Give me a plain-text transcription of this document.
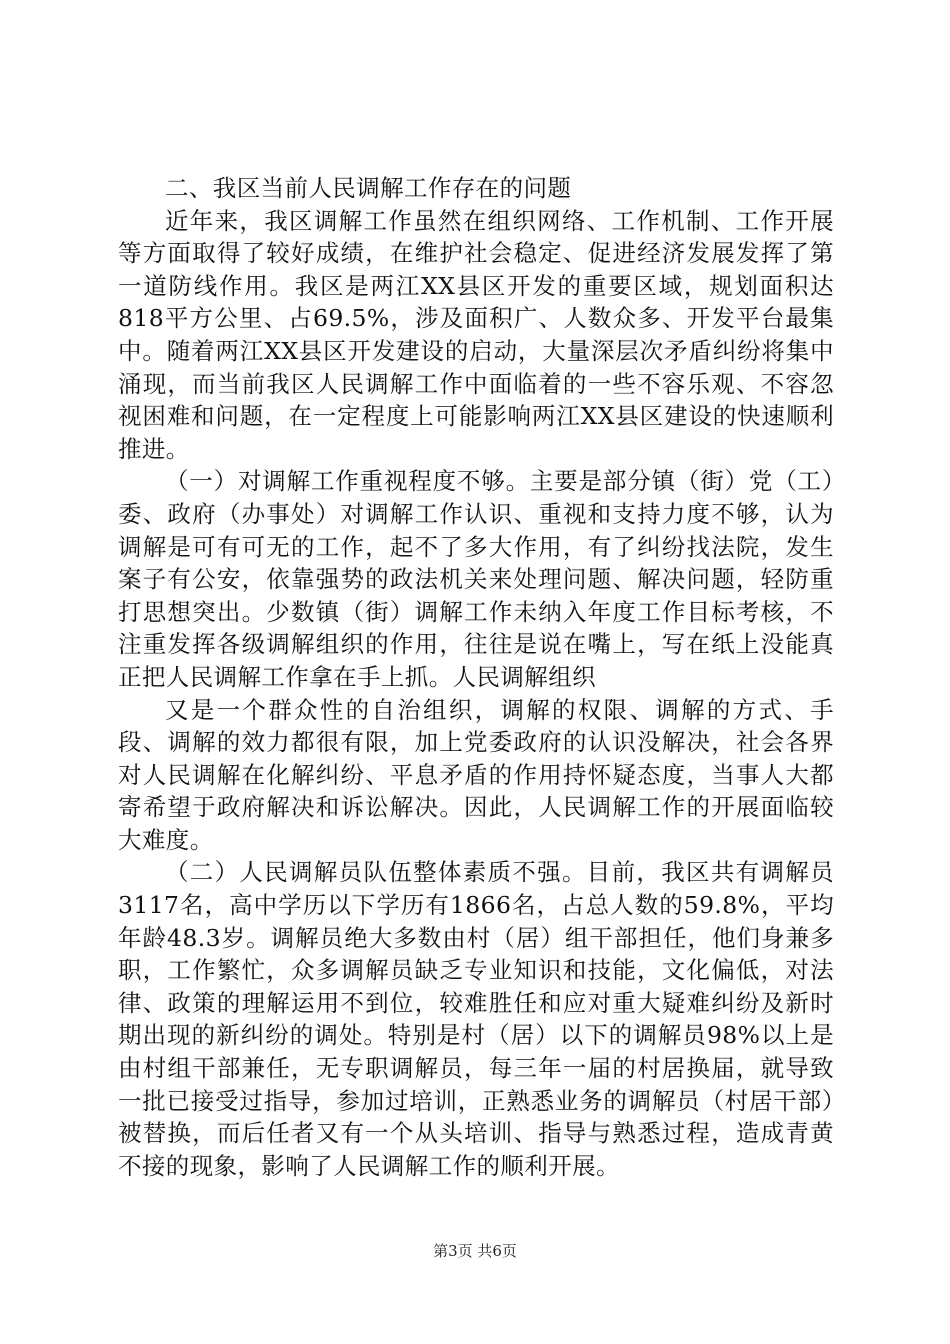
二、我区当前人民调解工作存在的问题

近年来，我区调解工作虽然在组织网络、工作机制、工作开展等方面取得了较好成绩，在维护社会稳定、促进经济发展发挥了第一道防线作用。我区是两江XX县区开发的重要区域，规划面积达818平方公里、占69.5%，涉及面积广、人数众多、开发平台最集中。随着两江XX县区开发建设的启动，大量深层次矛盾纠纷将集中涌现，而当前我区人民调解工作中面临着的一些不容乐观、不容忽视困难和问题，在一定程度上可能影响两江XX县区建设的快速顺利推进。

（一）对调解工作重视程度不够。主要是部分镇（街）党（工）委、政府（办事处）对调解工作认识、重视和支持力度不够，认为调解是可有可无的工作，起不了多大作用，有了纠纷找法院，发生案子有公安，依靠强势的政法机关来处理问题、解决问题，轻防重打思想突出。少数镇（街）调解工作未纳入年度工作目标考核，不注重发挥各级调解组织的作用，往往是说在嘴上，写在纸上没能真正把人民调解工作拿在手上抓。人民调解组织

又是一个群众性的自治组织，调解的权限、调解的方式、手段、调解的效力都很有限，加上党委政府的认识没解决，社会各界对人民调解在化解纠纷、平息矛盾的作用持怀疑态度，当事人大都寄希望于政府解决和诉讼解决。因此，人民调解工作的开展面临较大难度。

（二）人民调解员队伍整体素质不强。目前，我区共有调解员3117名，高中学历以下学历有1866名，占总人数的59.8%，平均年龄48.3岁。调解员绝大多数由村（居）组干部担任，他们身兼多职，工作繁忙，众多调解员缺乏专业知识和技能，文化偏低，对法律、政策的理解运用不到位，较难胜任和应对重大疑难纠纷及新时期出现的新纠纷的调处。特别是村（居）以下的调解员98%以上是由村组干部兼任，无专职调解员，每三年一届的村居换届，就导致一批已接受过指导，参加过培训，正熟悉业务的调解员（村居干部）被替换，而后任者又有一个从头培训、指导与熟悉过程，造成青黄不接的现象，影响了人民调解工作的顺利开展。

第3页 共6页
